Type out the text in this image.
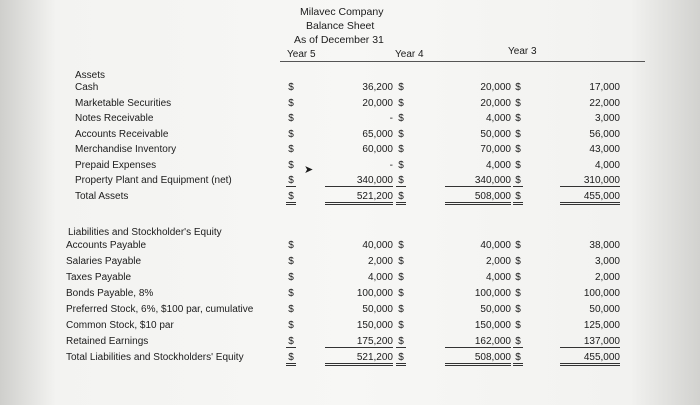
Milavec Company
Balance Sheet
As of December 31
Year 5	Year 4	Year 3
Assets
Cash	$	36,200 $	20,000 $	17,000
Marketable Securities	$	20,000 $	20,000 $	22,000
Notes Receivable	$	- $	4,000 $	3,000
Accounts Receivable	$	65,000 $	50,000 $	56,000
Merchandise Inventory	$	60,000 $	70,000 $	43,000
Prepaid Expenses	$	- $	4,000 $	4,000
Property Plant and Equipment (net)	$	340,000 $	340,000 $	310,000
Total Assets	$	521,200 $	508,000 $	455,000
Liabilities and Stockholder's Equity
Accounts Payable	$	40,000 $	40,000 $	38,000
Salaries Payable	$	2,000 $	2,000 $	3,000
Taxes Payable	$	4,000 $	4,000 $	2,000
Bonds Payable, 8%	$	100,000 $	100,000 $	100,000
Preferred Stock, 6%, $100 par, cumulative	$	50,000 $	50,000 $	50,000
Common Stock, $10 par	$	150,000 $	150,000 $	125,000
Retained Earnings	$	175,200 $	162,000 $	137,000
Total Liabilities and Stockholders' Equity	$	521,200 $	508,000 $	455,000
➤
